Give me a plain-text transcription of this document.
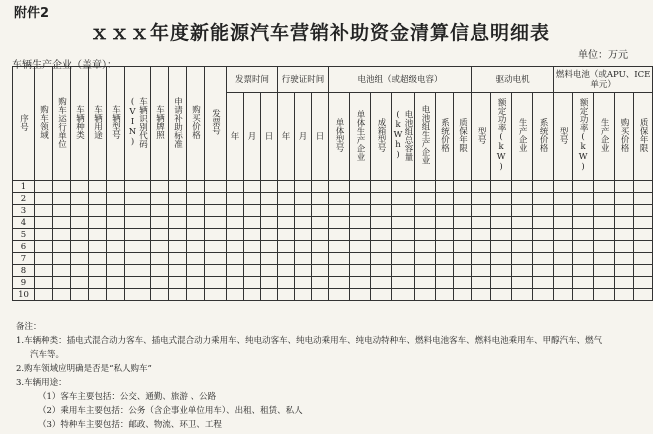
附件2
ｘｘｘ年度新能源汽车营销补助资金清算信息明细表
单位：万元
车辆生产企业（盖章）：
序号	购车领域	购车运行单位	车辆种类	车辆用途	车辆型号	车辆识别代码(VIN)	车辆牌照	申请补助标准	购买价格	发票号	发票时间			行驶证时间			电池组（或超级电容）							驱动电机				燃料电池（或APU、ICE单元）				
											年	月	日	年	月	日	单体型号	单体生产企业	成箱型号	电池组总容量(kWh)	电池组生产企业	系统价格	质保年限	型号	额定功率(kW)	生产企业	系统价格	型号	额定功率(kW)	生产企业	购买价格	质保年限
1																																
2																																
3																																
4																																
5																																
6																																
7																																
8																																
9																																
10																																
备注：
1.车辆种类：插电式混合动力客车、插电式混合动力乘用车、纯电动客车、纯电动乘用车、纯电动特种车、燃料电池客车、燃料电池乘用车、甲醇汽车、燃气
汽车等。
2.购车领域应明确是否是“私人购车”
3.车辆用途：
（1）客车主要包括：公交、通勤、旅游 、公路
（2）乘用车主要包括：公务（含企事业单位用车）、出租、租赁、私人
（3）特种车主要包括：邮政、物流、环卫、工程
